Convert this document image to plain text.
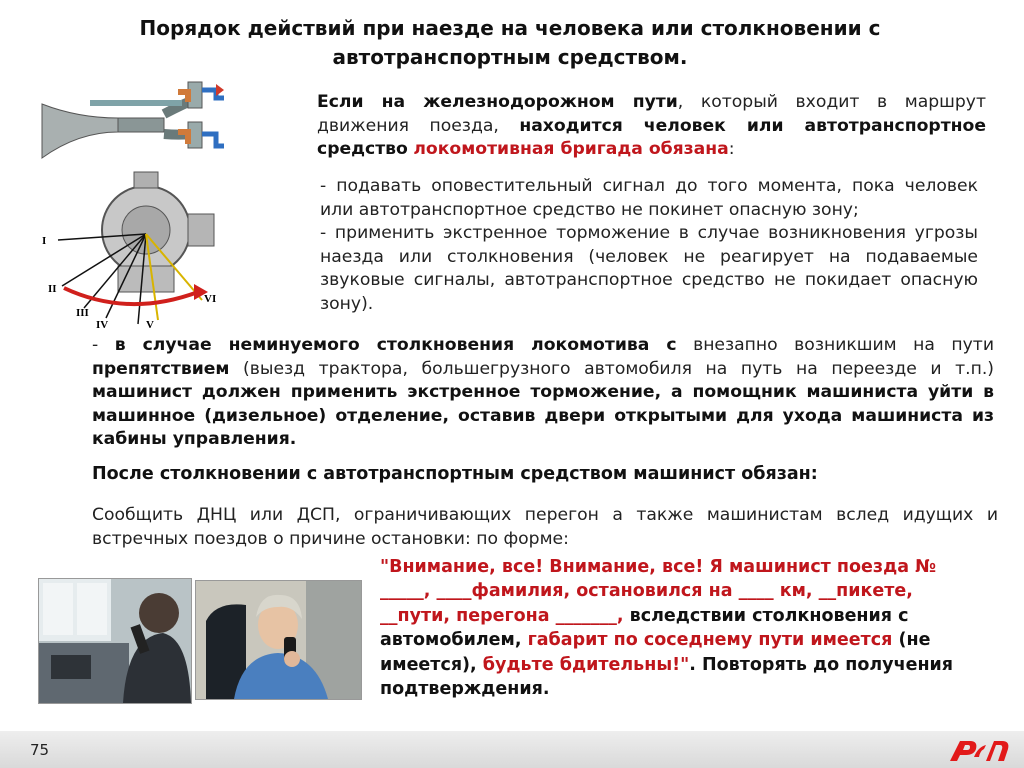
Порядок действий при наезде на человека или столкновении с автотранспортным средством.
I
II
III
IV	V
VI
Если на железнодорожном пути, который входит в маршрут движения поезда, находится человек или автотранспортное средство локомотивная бригада обязана:
- подавать оповестительный сигнал до того момента, пока человек или автотранспортное средство не покинет опасную зону;
- применить экстренное торможение в случае возникновения угрозы наезда или столкновения (человек не реагирует на подаваемые звуковые сигналы, автотранспортное средство не покидает опасную зону).
- в случае неминуемого столкновения локомотива с внезапно возникшим на пути препятствием (выезд трактора, большегрузного автомобиля на путь на переезде и т.п.) машинист должен применить экстренное торможение, а помощник машиниста уйти в машинное (дизельное) отделение, оставив двери открытыми для ухода машиниста из кабины управления.
После столкновении с автотранспортным средством машинист обязан:
Сообщить ДНЦ или ДСП, ограничивающих перегон а также машинистам вслед идущих и встречных поездов о причине остановки: по форме:
"Внимание, все! Внимание, все! Я машинист поезда № _____, ____фамилия, остановился на ____ км, __пикете, __пути, перегона _______, вследствии столкновения с автомобилем, габарит по соседнему пути имеется (не имеется), будьте бдительны!". Повторять до получения подтверждения.
75
